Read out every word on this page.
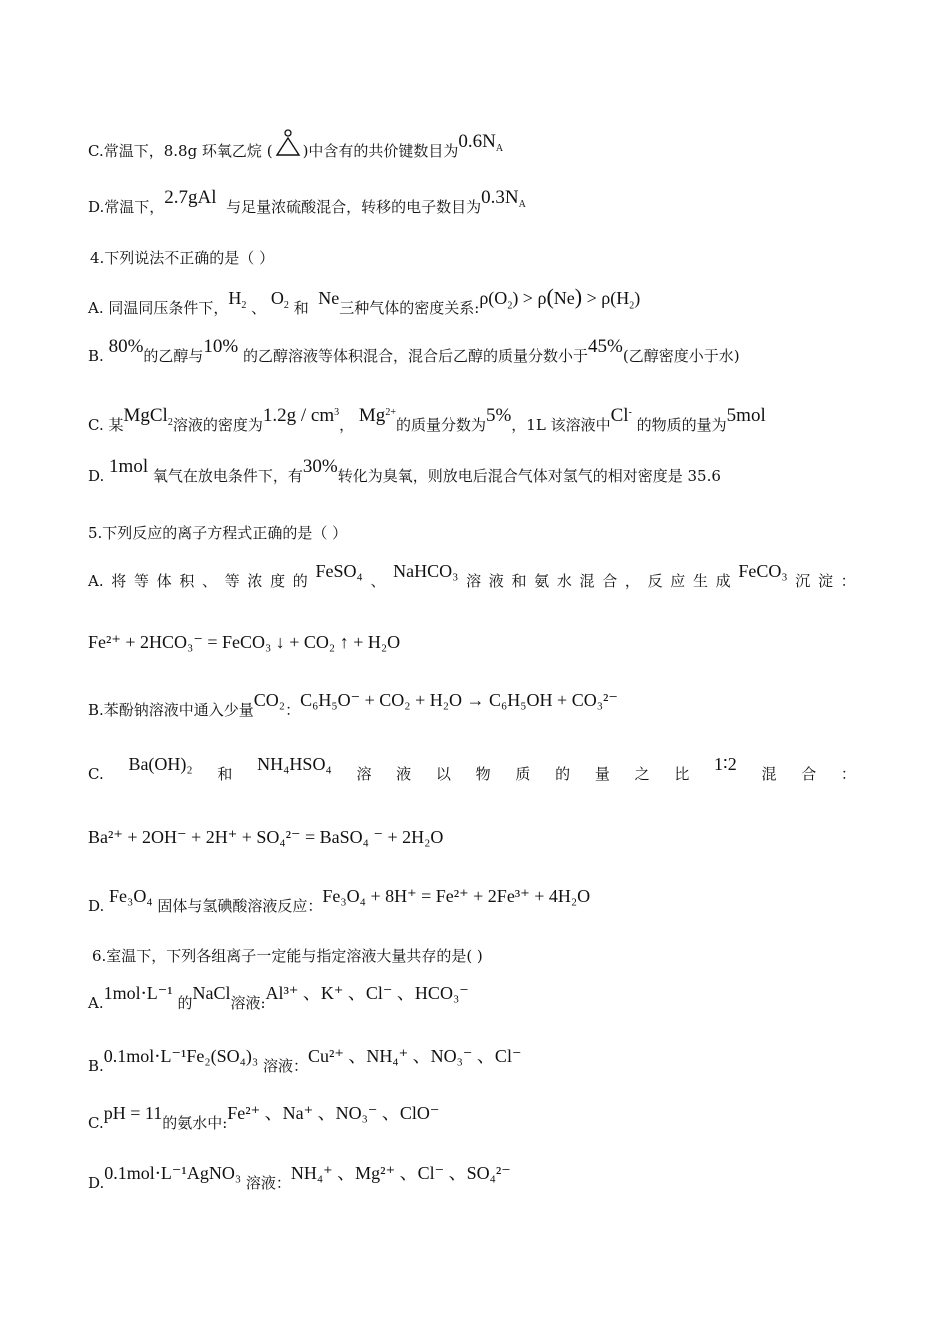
C.常温下，8.8g 环氧乙烷 ( )中含有的共价键数目为$0.6N_A$
D.常温下，2.7gAl 与足量浓硫酸混合，转移的电子数目为$0.3N_A$
4.下列说法不正确的是（ ）
A. 同温同压条件下，$H_2$ 、 $O_2$ 和 Ne三种气体的密度关系$:\rho(O_2) > \rho(Ne) > \rho(H_2)$
B. 80%的乙醇与10% 的乙醇溶液等体积混合，混合后乙醇的质量分数小于45%(乙醇密度小于水)
C. 某MgCl$_2$溶液的密度为$1.2g / cm^3$， $Mg^{2+}$的质量分数为5%，1L 该溶液中Cl- 的物质的量为5mol
D. 1mol 氧气在放电条件下，有30%转化为臭氧，则放电后混合气体对氢气的相对密度是 35.6
5.下列反应的离子方程式正确的是（ ）
A. 将 等 体 积 、 等 浓 度 的 FeSO₄ 、 NaHCO₃ 溶 液 和 氨 水 混 合 ， 反 应 生 成 FeCO₃ 沉 淀 ：
Fe²⁺ + 2HCO₃⁻ = FeCO₃ ↓ + CO₂ ↑ + H₂O
B.苯酚钠溶液中通入少量CO₂：C₆H₅O⁻ + CO₂ + H₂O → C₆H₅OH + CO₃²⁻
C. Ba(OH)₂ 和 NH₄HSO₄ 溶 液 以 物 质 的 量 之 比 1∶2 混 合 ：
Ba²⁺ + 2OH⁻ + 2H⁺ + SO₄²⁻ = BaSO₄ ⁻ + 2H₂O
D. Fe₃O₄ 固体与氢碘酸溶液反应：Fe₃O₄ + 8H⁺ = Fe²⁺ + 2Fe³⁺ + 4H₂O
6.室温下，下列各组离子一定能与指定溶液大量共存的是( )
A.1mol⋅L⁻¹ 的NaCl溶液:Al³⁺ 、K⁺ 、Cl⁻ 、HCO₃⁻
B.0.1mol⋅L⁻¹Fe₂(SO₄)₃ 溶液：Cu²⁺ 、NH₄⁺ 、NO₃⁻ 、Cl⁻
C.pH = 11的氨水中:Fe²⁺ 、Na⁺ 、NO₃⁻ 、ClO⁻
D.0.1mol⋅L⁻¹AgNO₃ 溶液：NH₄⁺ 、Mg²⁺ 、Cl⁻ 、SO₄²⁻
